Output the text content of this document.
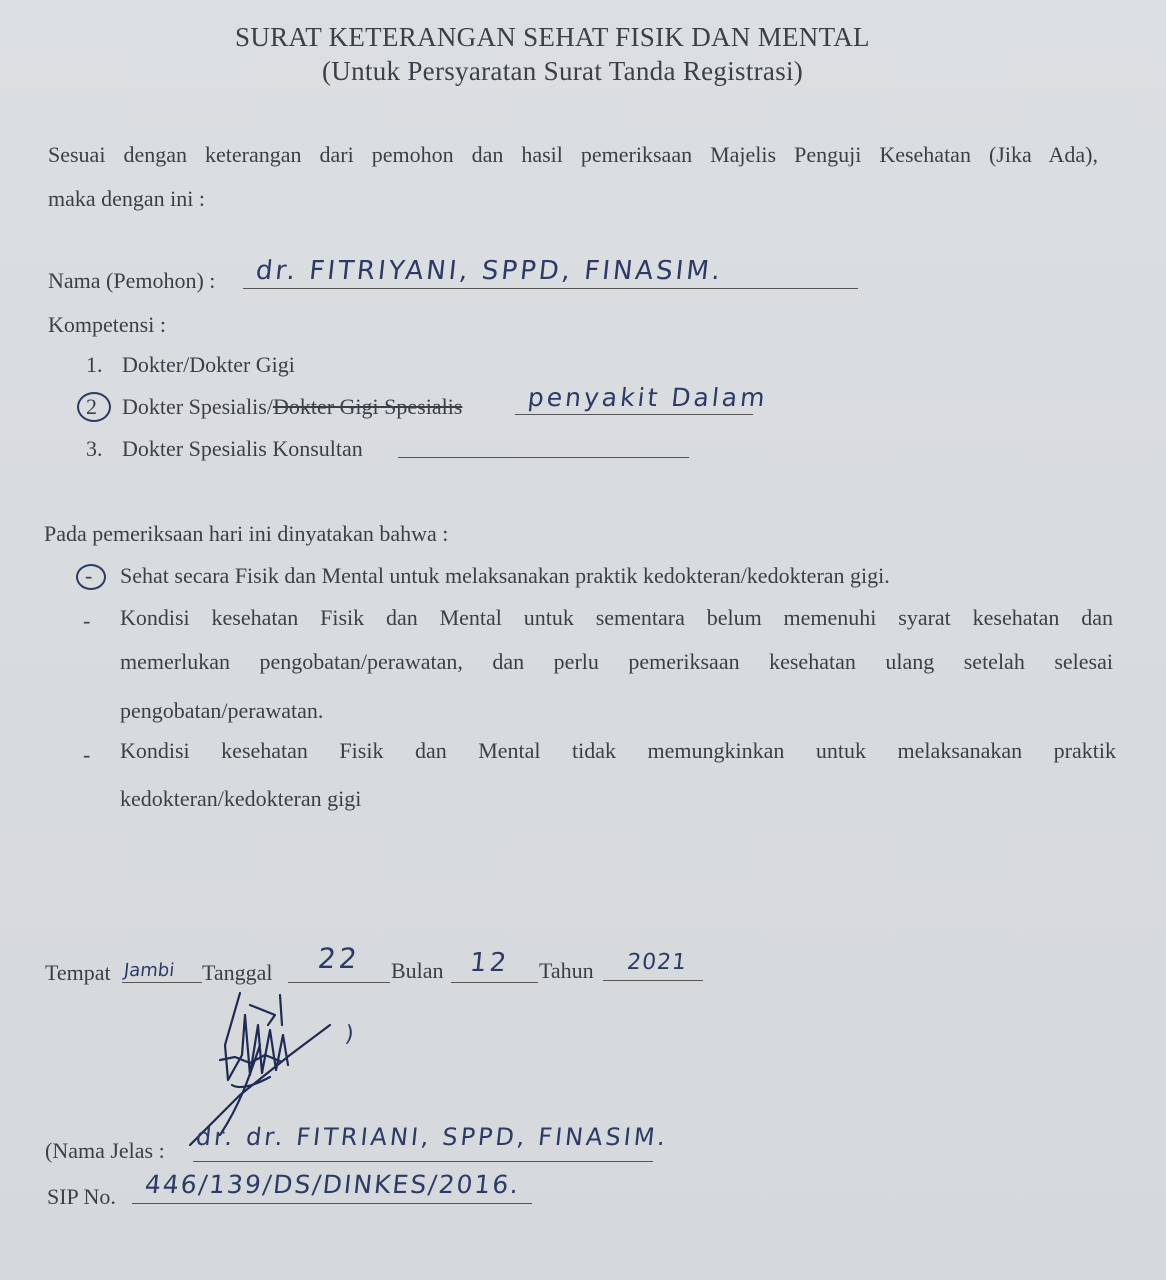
SURAT KETERANGAN SEHAT FISIK DAN MENTAL
(Untuk Persyaratan Surat Tanda Registrasi)
Sesuai dengan keterangan dari pemohon dan hasil pemeriksaan Majelis Penguji Kesehatan (Jika Ada),
maka dengan ini :
Nama (Pemohon) : dr. FITRIYANI, SPPD, FINASIM.
Kompetensi :
1. Dokter/Dokter Gigi
2 Dokter Spesialis/Dokter Gigi Spesialis	penyakit Dalam
3. Dokter Spesialis Konsultan
Pada pemeriksaan hari ini dinyatakan bahwa :
- Sehat secara Fisik dan Mental untuk melaksanakan praktik kedokteran/kedokteran gigi.
- Kondisi kesehatan Fisik dan Mental untuk sementara belum memenuhi syarat kesehatan dan
memerlukan pengobatan/perawatan, dan perlu pemeriksaan kesehatan ulang setelah selesai
pengobatan/perawatan.
- Kondisi kesehatan Fisik dan Mental tidak memungkinkan untuk melaksanakan praktik
kedokteran/kedokteran gigi
Tempat Jambi Tanggal 22 Bulan 12 Tahun 2021
)
(Nama Jelas : dr. dr. FITRIANI, SPPD, FINASIM.
SIP No. 446/139/DS/DINKES/2016.
